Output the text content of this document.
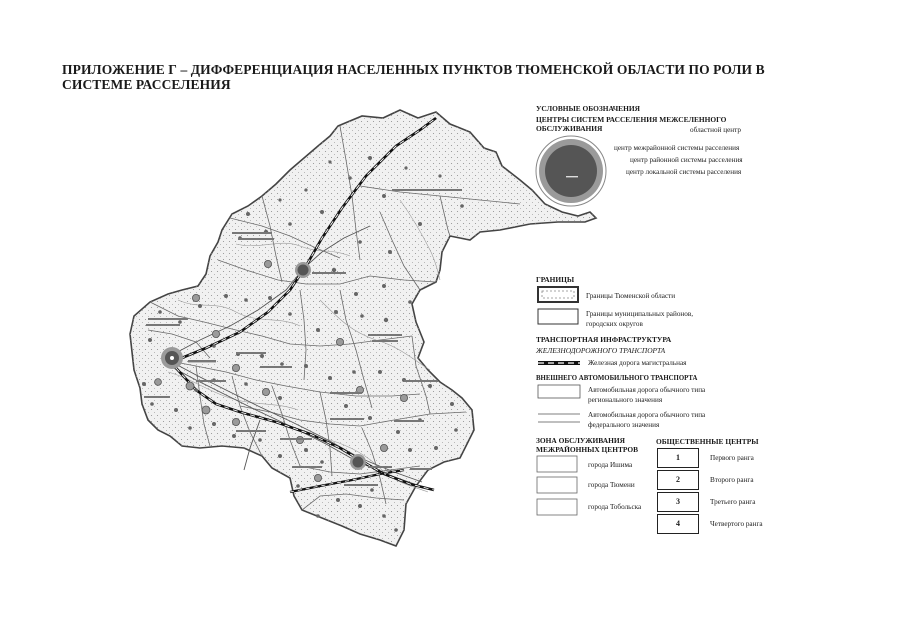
ПРИЛОЖЕНИЕ Г – ДИФФЕРЕНЦИАЦИЯ НАСЕЛЕННЫХ ПУНКТОВ ТЮМЕНСКОЙ ОБЛАСТИ ПО РОЛИ В СИСТЕМЕ РАССЕЛЕНИЯ
УСЛОВНЫЕ ОБОЗНАЧЕНИЯ
ЦЕНТРЫ СИСТЕМ РАССЕЛЕНИЯ МЕЖСЕЛЕННОГО ОБСЛУЖИВАНИЯ	областной центр
центр межрайонной системы расселения
центр районной системы расселения
центр локальной системы расселения
ГРАНИЦЫ
Границы Тюменской области
Границы муниципальных районов, городских округов
ТРАНСПОРТНАЯ ИНФРАСТРУКТУРА
ЖЕЛЕЗНОДОРОЖНОГО ТРАНСПОРТА
Железная дорога магистральная
ВНЕШНЕГО АВТОМОБИЛЬНОГО ТРАНСПОРТА
Автомобильная дорога обычного типа регионального значения
Автомобильная дорога обычного типа федерального значения
ЗОНА ОБСЛУЖИВАНИЯ МЕЖРАЙОННЫХ ЦЕНТРОВ
города Ишима
города Тюмени
города Тобольска
ОБЩЕСТВЕННЫЕ ЦЕНТРЫ
1	Первого ранга
2	Второго ранга
3	Третьего ранга
4	Четвертого ранга
